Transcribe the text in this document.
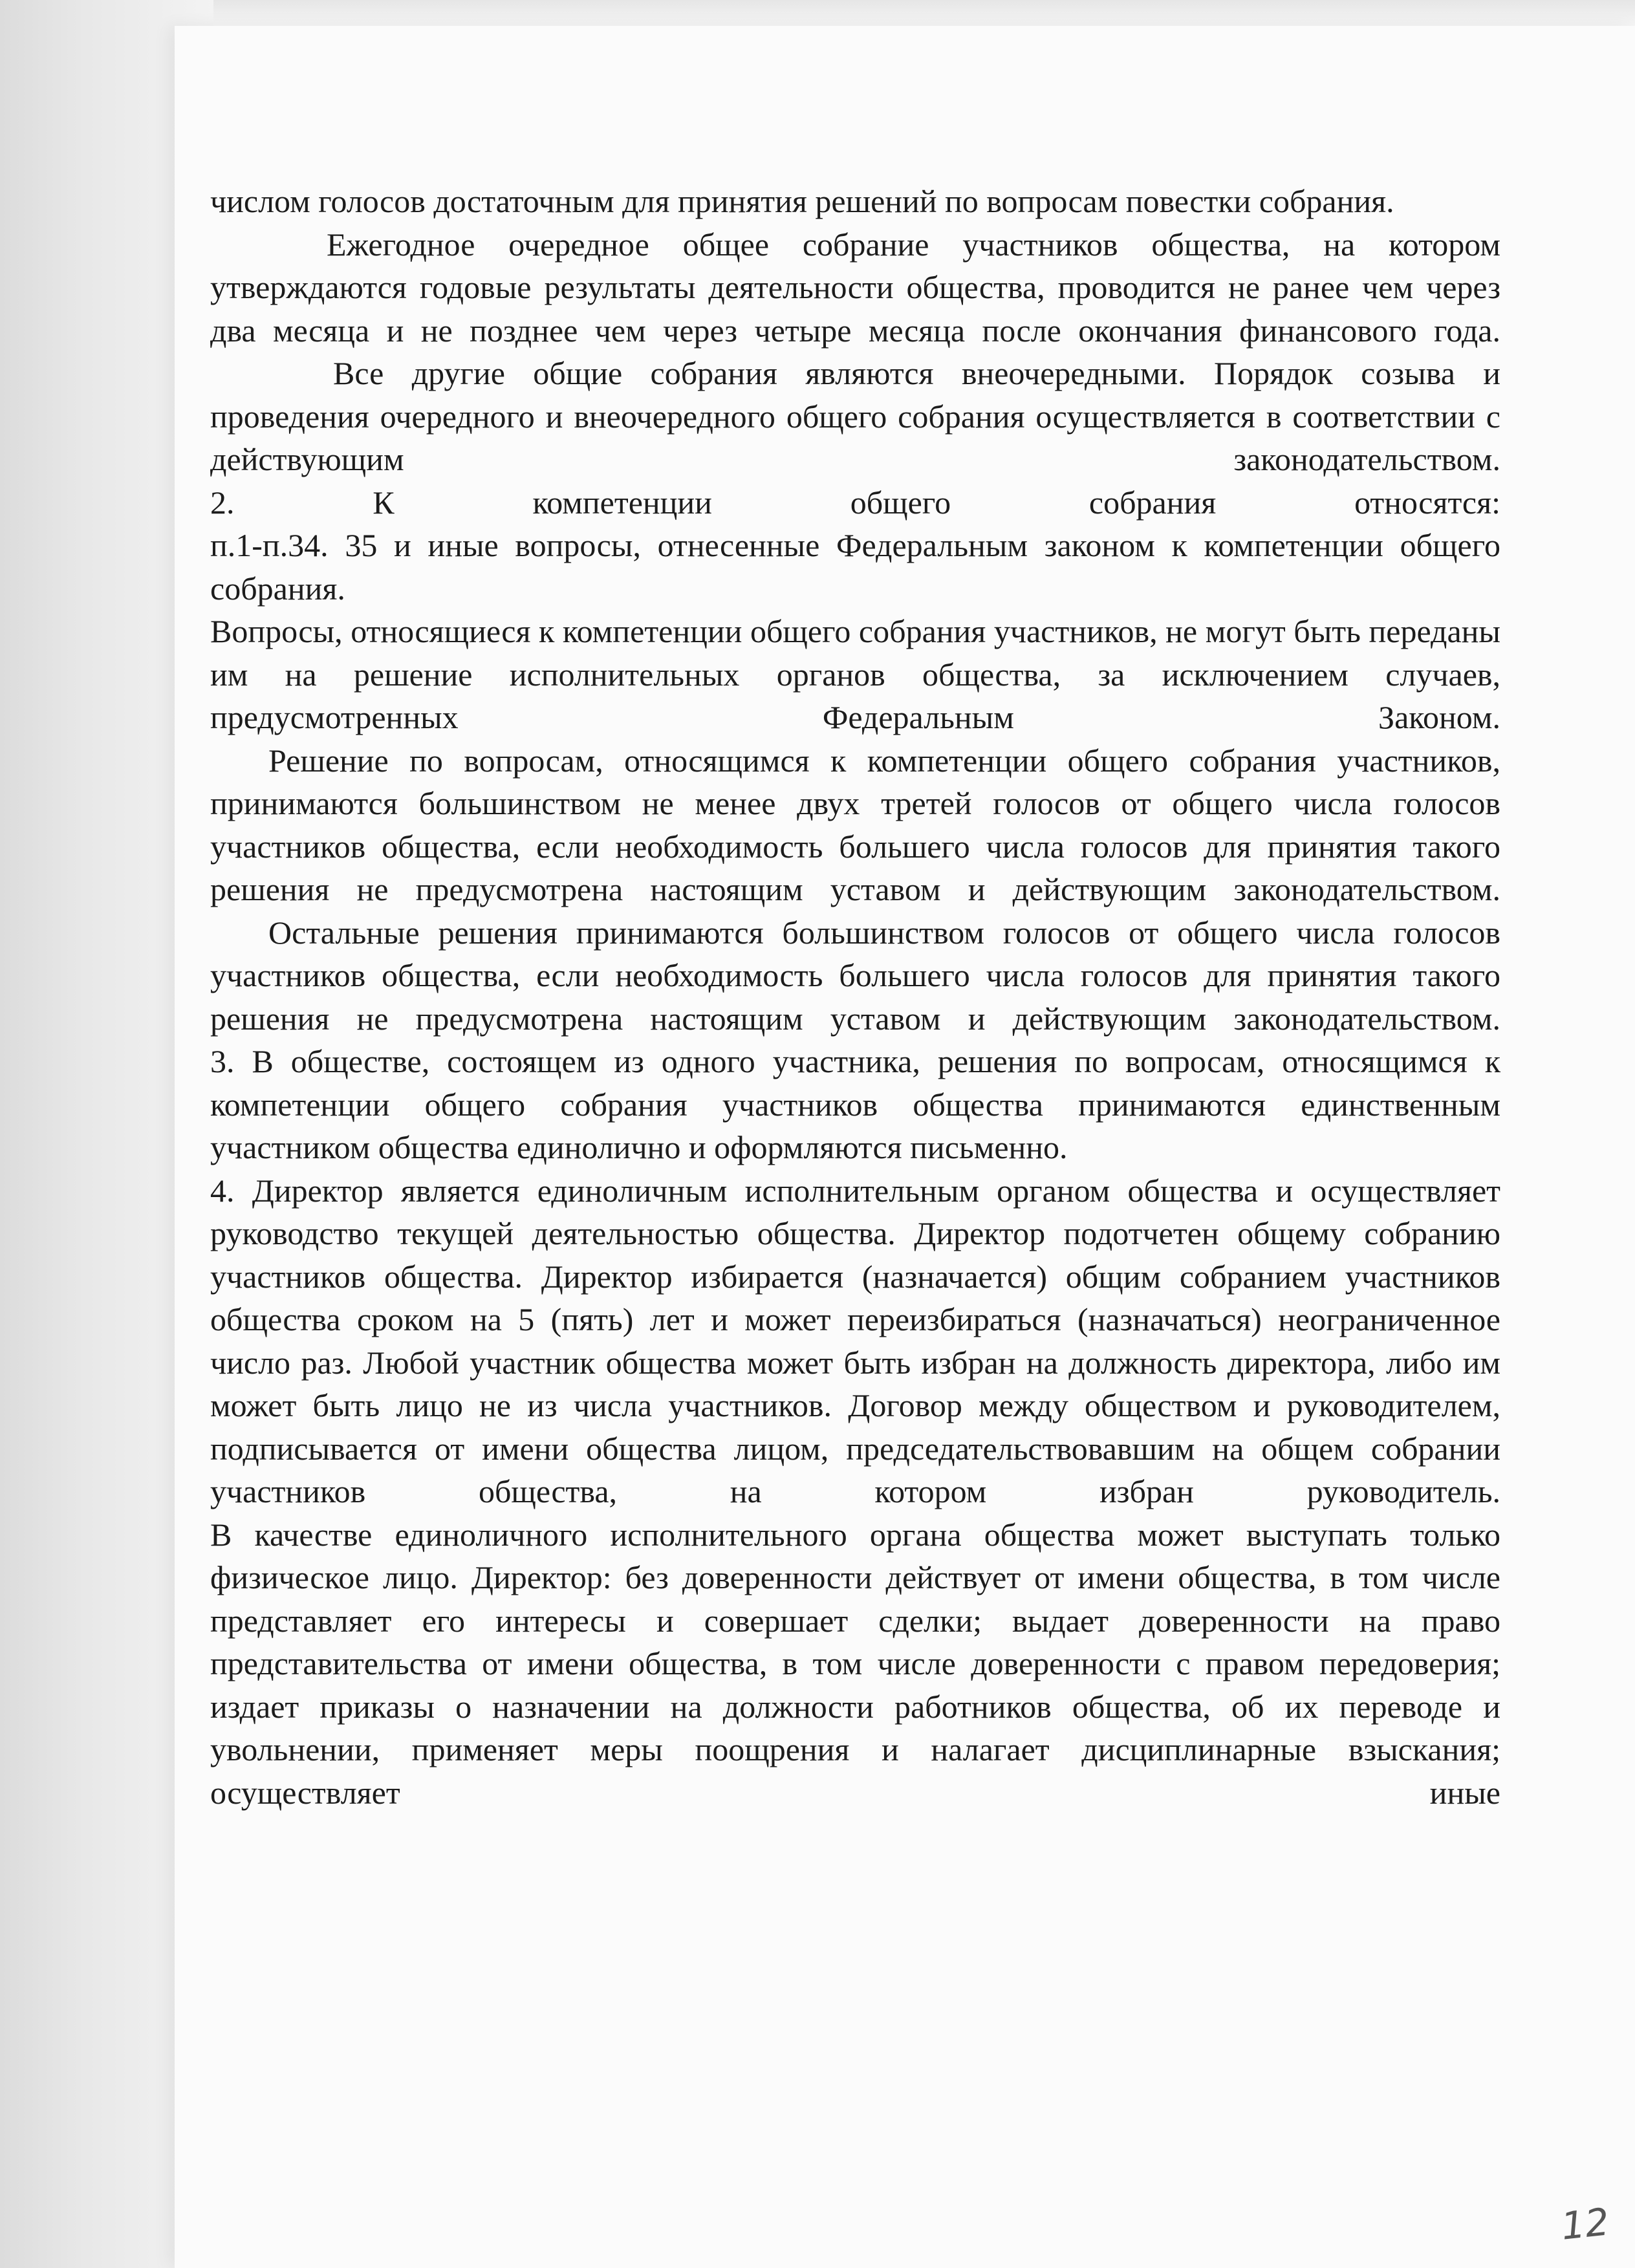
числом голосов достаточным для принятия решений по вопросам повестки собрания.

Ежегодное очередное общее собрание участников общества, на котором утверждаются годовые результаты деятельности общества, проводится не ранее чем через два месяца и не позднее чем через четыре месяца после окончания финансового года.

Все другие общие собрания являются внеочередными. Порядок созыва и проведения очередного и внеочередного общего собрания осуществляется в соответствии с действующим законодательством.

2. К компетенции общего собрания относятся:

п.1-п.34. 35 и иные вопросы, отнесенные Федеральным законом к компетенции общего собрания.

Вопросы, относящиеся к компетенции общего собрания участников, не могут быть переданы им на решение исполнительных органов общества, за исключением случаев, предусмотренных Федеральным Законом.

Решение по вопросам, относящимся к компетенции общего собрания участников, принимаются большинством не менее двух третей голосов от общего числа голосов участников общества, если необходимость большего числа голосов для принятия такого решения не предусмотрена настоящим уставом и действующим законодательством.

Остальные решения принимаются большинством голосов от общего числа голосов участников общества, если необходимость большего числа голосов для принятия такого решения не предусмотрена настоящим уставом и действующим законодательством.

3. В обществе, состоящем из одного участника, решения по вопросам, относящимся к компетенции общего собрания участников общества принимаются единственным участником общества единолично и оформляются письменно.

4. Директор является единоличным исполнительным органом общества и осуществляет руководство текущей деятельностью общества. Директор подотчетен общему собранию участников общества. Директор избирается (назначается) общим собранием участников общества сроком на 5 (пять) лет и может переизбираться (назначаться) неограниченное число раз. Любой участник общества может быть избран на должность директора, либо им может быть лицо не из числа участников. Договор между обществом и руководителем, подписывается от имени общества лицом, председательствовавшим на общем собрании участников общества, на котором избран руководитель.

В качестве единоличного исполнительного органа общества может выступать только физическое лицо. Директор: без доверенности действует от имени общества, в том числе представляет его интересы и совершает сделки; выдает доверенности на право представительства от имени общества, в том числе доверенности с правом передоверия; издает приказы о назначении на должности работников общества, об их переводе и увольнении, применяет меры поощрения и налагает дисциплинарные взыскания; осуществляет иные

12
